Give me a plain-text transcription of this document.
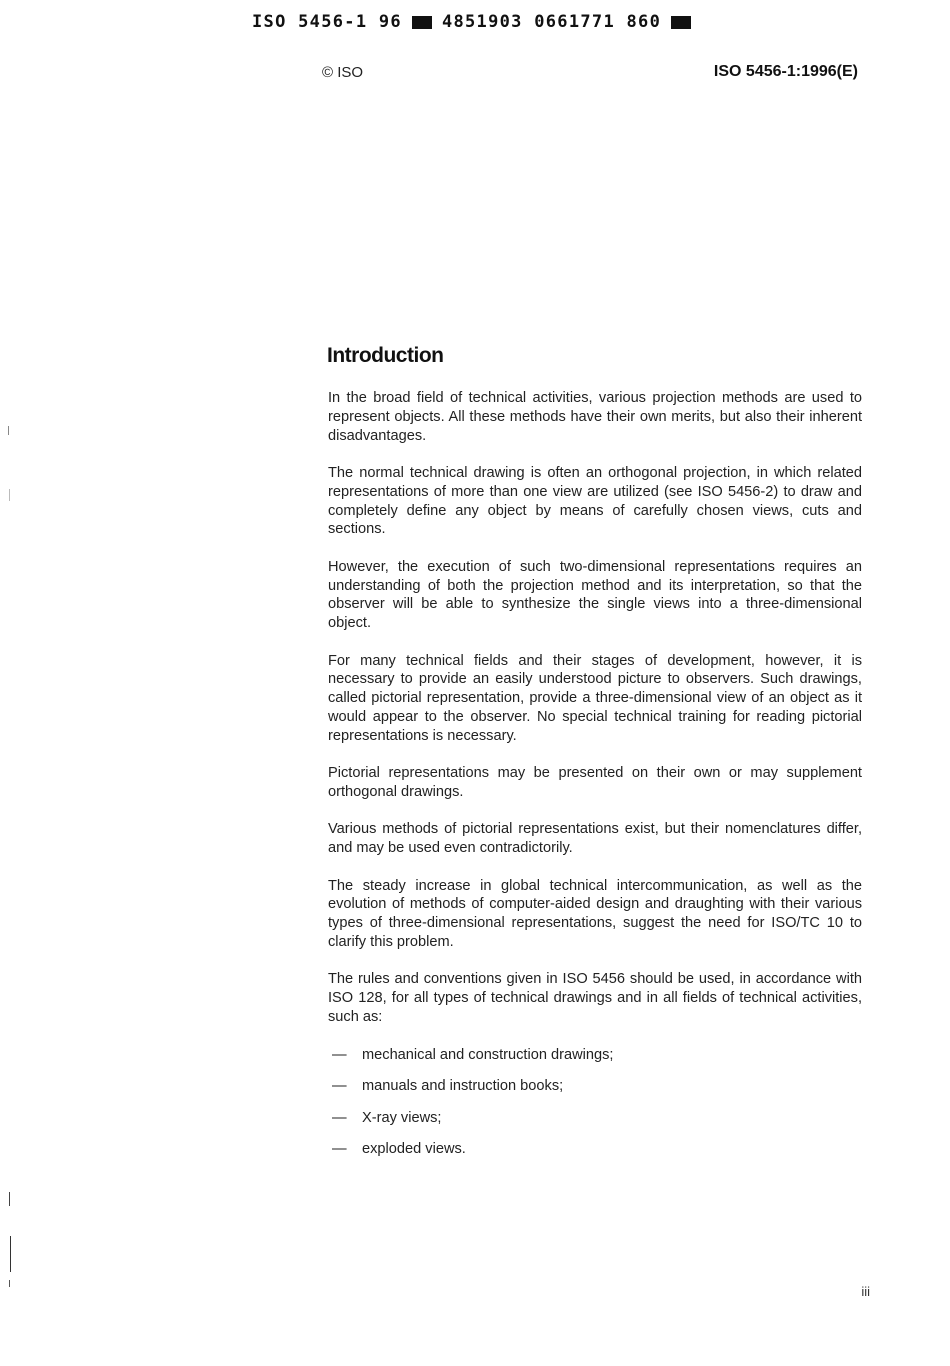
ISO 5456-1 96 4851903 0661771 860
© ISO	ISO 5456-1:1996(E)
Introduction

In the broad field of technical activities, various projection methods are used to represent objects. All these methods have their own merits, but also their inherent disadvantages.

The normal technical drawing is often an orthogonal projection, in which related representations of more than one view are utilized (see ISO 5456-2) to draw and completely define any object by means of carefully chosen views, cuts and sections.

However, the execution of such two-dimensional representations requires an understanding of both the projection method and its interpretation, so that the observer will be able to synthesize the single views into a three-dimensional object.

For many technical fields and their stages of development, however, it is necessary to provide an easily understood picture to observers. Such drawings, called pictorial representation, provide a three-dimensional view of an object as it would appear to the observer. No special technical training for reading pictorial representations is necessary.

Pictorial representations may be presented on their own or may supplement orthogonal drawings.

Various methods of pictorial representations exist, but their nomenclatures differ, and may be used even contradictorily.

The steady increase in global technical intercommunication, as well as the evolution of methods of computer-aided design and draughting with their various types of three-dimensional representations, suggest the need for ISO/TC 10 to clarify this problem.

The rules and conventions given in ISO 5456 should be used, in accordance with ISO 128, for all types of technical drawings and in all fields of technical activities, such as:

— mechanical and construction drawings;
— manuals and instruction books;
— X-ray views;
— exploded views.
iii
